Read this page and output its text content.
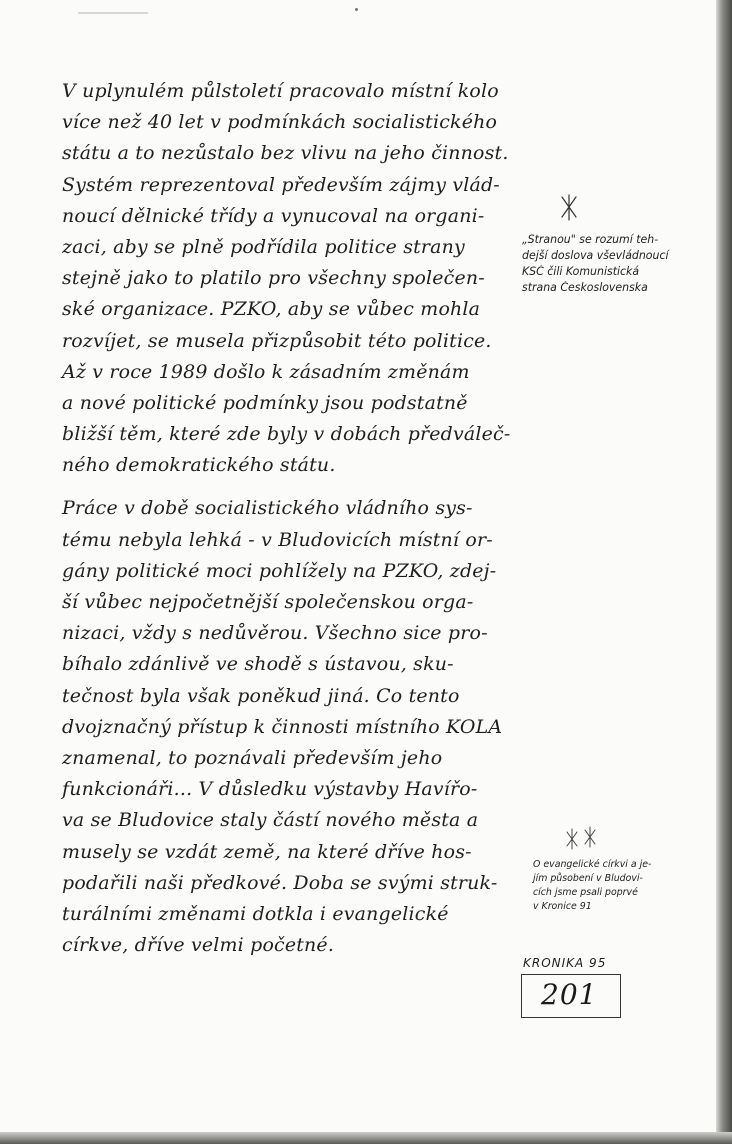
V uplynulém půlstoletí pracovalo místní kolo
více než 40 let v podmínkách socialistického
státu a to nezůstalo bez vlivu na jeho činnost.
Systém reprezentoval především zájmy vlád-
noucí dělnické třídy a vynucoval na organi-
zaci, aby se plně podřídila politice strany
stejně jako to platilo pro všechny společen-
ské organizace. PZKO, aby se vůbec mohla
rozvíjet, se musela přizpůsobit této politice.
Až v roce 1989 došlo k zásadním změnám
a nové politické podmínky jsou podstatně
bližší těm, které zde byly v dobách předváleč-
ného demokratického státu.
Práce v době socialistického vládního sys-
tému nebyla lehká - v Bludovicích místní or-
gány politické moci pohlížely na PZKO, zdej-
ší vůbec nejpočetnější společenskou orga-
nizaci, vždy s nedůvěrou. Všechno sice pro-
bíhalo zdánlivě ve shodě s ústavou, sku-
tečnost byla však poněkud jiná. Co tento
dvojznačný přístup k činnosti místního KOLA
znamenal, to poznávali především jeho
funkcionáři... V důsledku výstavby Havířo-
va se Bludovice staly částí nového města a
musely se vzdát země, na které dříve hos-
podařili naši předkové. Doba se svými struk-
turálními změnami dotkla i evangelické
církve, dříve velmi početné.
„Stranou" se rozumí teh-
dejší doslova vševládnoucí
KSČ čili Komunistická
strana Československa
O evangelické církvi a je-
jím působení v Bludovi-
cích jsme psali poprvé
v Kronice 91
KRONIKA 95
201
